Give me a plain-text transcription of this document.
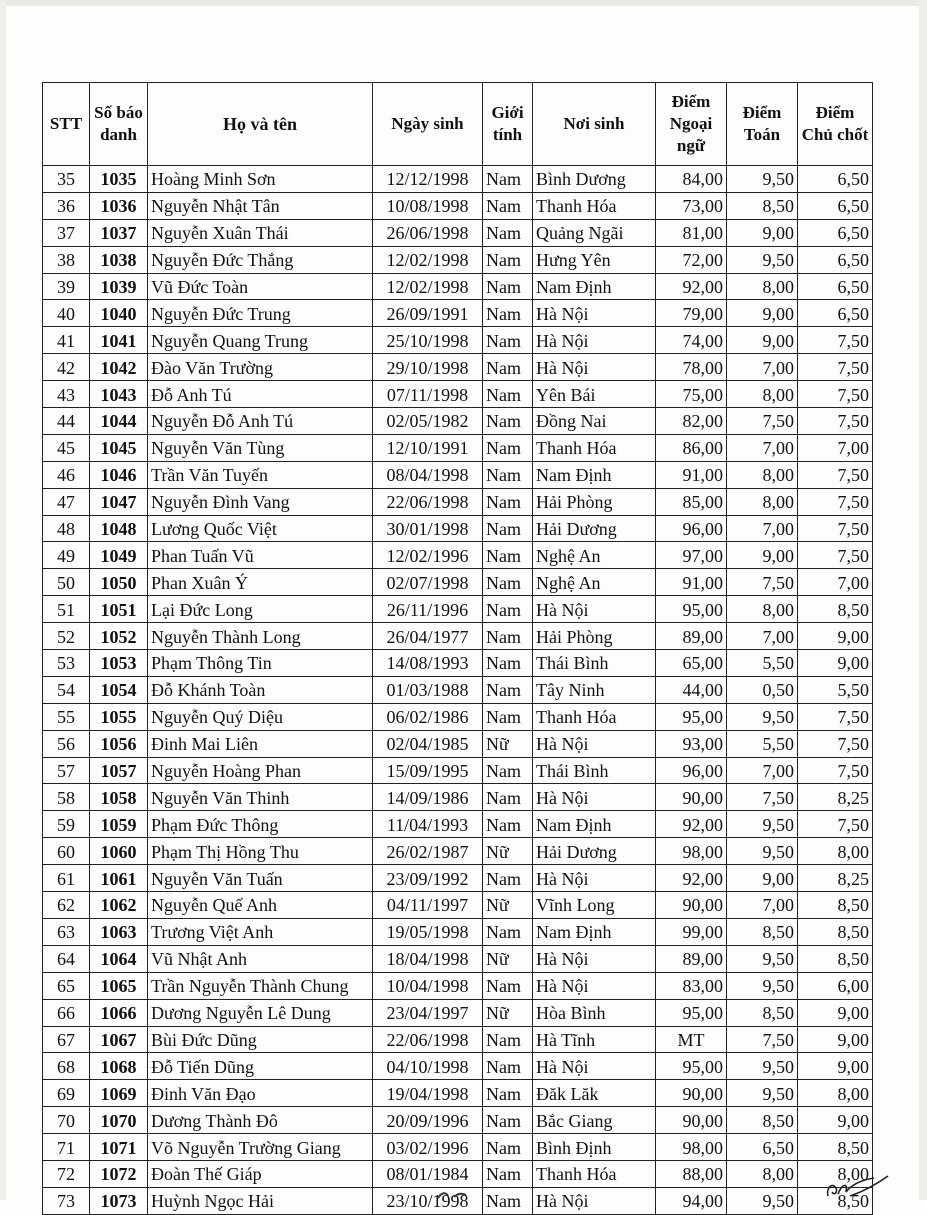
STT	Số báo danh	Họ và tên	Ngày sinh	Giới tính	Nơi sinh	Điểm Ngoại ngữ	Điểm Toán	Điểm Chủ chốt
35	1035	Hoàng Minh Sơn	12/12/1998	Nam	Bình Dương	84,00	9,50	6,50
36	1036	Nguyễn Nhật Tân	10/08/1998	Nam	Thanh Hóa	73,00	8,50	6,50
37	1037	Nguyễn Xuân Thái	26/06/1998	Nam	Quảng Ngãi	81,00	9,00	6,50
38	1038	Nguyễn Đức Thắng	12/02/1998	Nam	Hưng Yên	72,00	9,50	6,50
39	1039	Vũ Đức Toàn	12/02/1998	Nam	Nam Định	92,00	8,00	6,50
40	1040	Nguyễn Đức Trung	26/09/1991	Nam	Hà Nội	79,00	9,00	6,50
41	1041	Nguyễn Quang Trung	25/10/1998	Nam	Hà Nội	74,00	9,00	7,50
42	1042	Đào Văn Trường	29/10/1998	Nam	Hà Nội	78,00	7,00	7,50
43	1043	Đỗ Anh Tú	07/11/1998	Nam	Yên Bái	75,00	8,00	7,50
44	1044	Nguyễn Đỗ Anh Tú	02/05/1982	Nam	Đồng Nai	82,00	7,50	7,50
45	1045	Nguyễn Văn Tùng	12/10/1991	Nam	Thanh Hóa	86,00	7,00	7,00
46	1046	Trần Văn Tuyến	08/04/1998	Nam	Nam Định	91,00	8,00	7,50
47	1047	Nguyễn Đình Vang	22/06/1998	Nam	Hải Phòng	85,00	8,00	7,50
48	1048	Lương Quốc Việt	30/01/1998	Nam	Hải Dương	96,00	7,00	7,50
49	1049	Phan Tuấn Vũ	12/02/1996	Nam	Nghệ An	97,00	9,00	7,50
50	1050	Phan Xuân Ý	02/07/1998	Nam	Nghệ An	91,00	7,50	7,00
51	1051	Lại Đức Long	26/11/1996	Nam	Hà Nội	95,00	8,00	8,50
52	1052	Nguyễn Thành Long	26/04/1977	Nam	Hải Phòng	89,00	7,00	9,00
53	1053	Phạm Thông Tin	14/08/1993	Nam	Thái Bình	65,00	5,50	9,00
54	1054	Đỗ Khánh Toàn	01/03/1988	Nam	Tây Ninh	44,00	0,50	5,50
55	1055	Nguyễn Quý Diệu	06/02/1986	Nam	Thanh Hóa	95,00	9,50	7,50
56	1056	Đinh Mai Liên	02/04/1985	Nữ	Hà Nội	93,00	5,50	7,50
57	1057	Nguyễn Hoàng Phan	15/09/1995	Nam	Thái Bình	96,00	7,00	7,50
58	1058	Nguyễn Văn Thinh	14/09/1986	Nam	Hà Nội	90,00	7,50	8,25
59	1059	Phạm Đức Thông	11/04/1993	Nam	Nam Định	92,00	9,50	7,50
60	1060	Phạm Thị Hồng Thu	26/02/1987	Nữ	Hải Dương	98,00	9,50	8,00
61	1061	Nguyễn Văn Tuấn	23/09/1992	Nam	Hà Nội	92,00	9,00	8,25
62	1062	Nguyễn Quế Anh	04/11/1997	Nữ	Vĩnh Long	90,00	7,00	8,50
63	1063	Trương Việt Anh	19/05/1998	Nam	Nam Định	99,00	8,50	8,50
64	1064	Vũ Nhật Anh	18/04/1998	Nữ	Hà Nội	89,00	9,50	8,50
65	1065	Trần Nguyễn Thành Chung	10/04/1998	Nam	Hà Nội	83,00	9,50	6,00
66	1066	Dương Nguyễn Lê Dung	23/04/1997	Nữ	Hòa Bình	95,00	8,50	9,00
67	1067	Bùi Đức Dũng	22/06/1998	Nam	Hà Tĩnh	MT	7,50	9,00
68	1068	Đỗ Tiến Dũng	04/10/1998	Nam	Hà Nội	95,00	9,50	9,00
69	1069	Đinh Văn Đạo	19/04/1998	Nam	Đăk Lăk	90,00	9,50	8,00
70	1070	Dương Thành Đô	20/09/1996	Nam	Bắc Giang	90,00	8,50	9,00
71	1071	Võ Nguyễn Trường Giang	03/02/1996	Nam	Bình Định	98,00	6,50	8,50
72	1072	Đoàn Thế Giáp	08/01/1984	Nam	Thanh Hóa	88,00	8,00	8,00
73	1073	Huỳnh Ngọc Hải	23/10/1998	Nam	Hà Nội	94,00	9,50	8,50
